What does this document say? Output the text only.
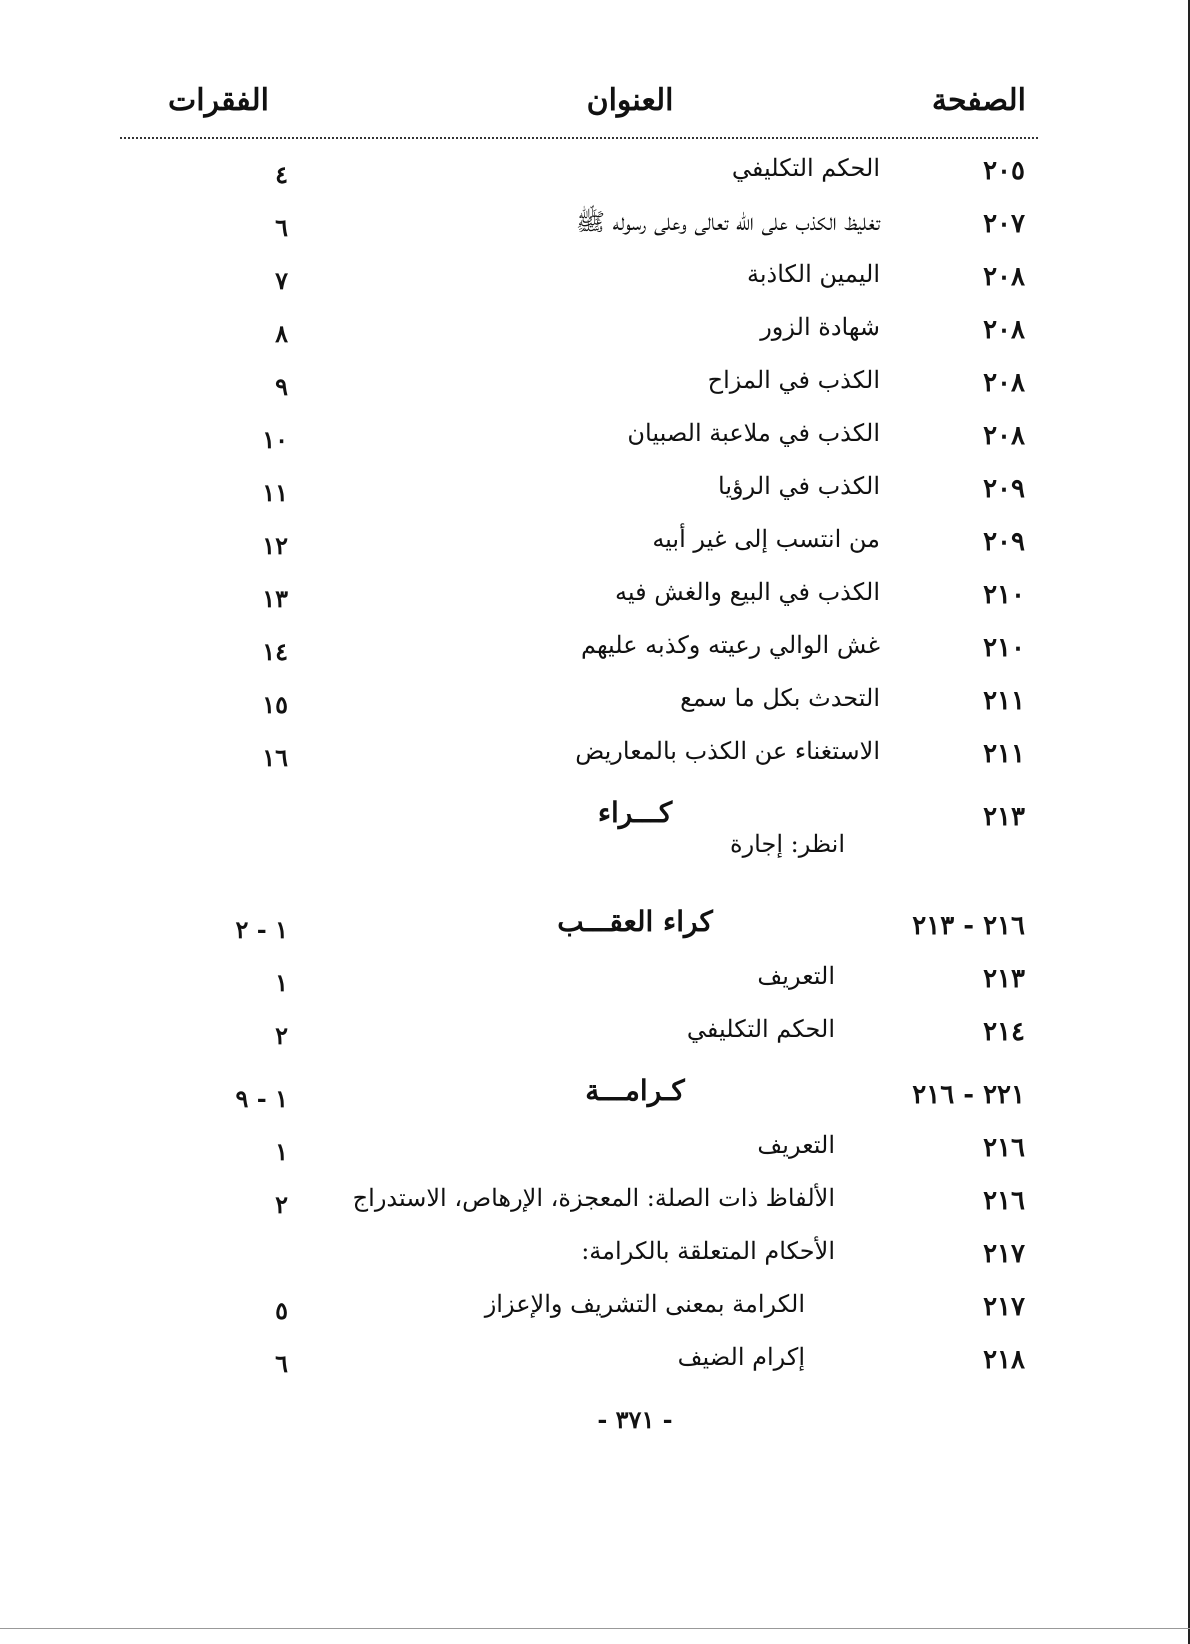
الصفحة
العنوان
الفقرات
٢٠٥
الحكم التكليفي
٤
٢٠٧
تغليظ الكذب على الله تعالى وعلى رسوله ﷺ
٦
٢٠٨
اليمين الكاذبة
٧
٢٠٨
شهادة الزور
٨
٢٠٨
الكذب في المزاح
٩
٢٠٨
الكذب في ملاعبة الصبيان
١٠
٢٠٩
الكذب في الرؤيا
١١
٢٠٩
من انتسب إلى غير أبيه
١٢
٢١٠
الكذب في البيع والغش فيه
١٣
٢١٠
غش الوالي رعيته وكذبه عليهم
١٤
٢١١
التحدث بكل ما سمع
١٥
٢١١
الاستغناء عن الكذب بالمعاريض
١٦
٢١٣
كـــراء
انظر: إجارة
٢١٦ - ٢١٣
كراء العقـــب
١ - ٢
٢١٣
التعريف
١
٢١٤
الحكم التكليفي
٢
٢٢١ - ٢١٦
كـرامـــة
١ - ٩
٢١٦
التعريف
١
٢١٦
الألفاظ ذات الصلة: المعجزة، الإرهاص، الاستدراج
٢
٢١٧
الأحكام المتعلقة بالكرامة:
٢١٧
الكرامة بمعنى التشريف والإعزاز
٥
٢١٨
إكرام الضيف
٦
- ٣٧١ -
